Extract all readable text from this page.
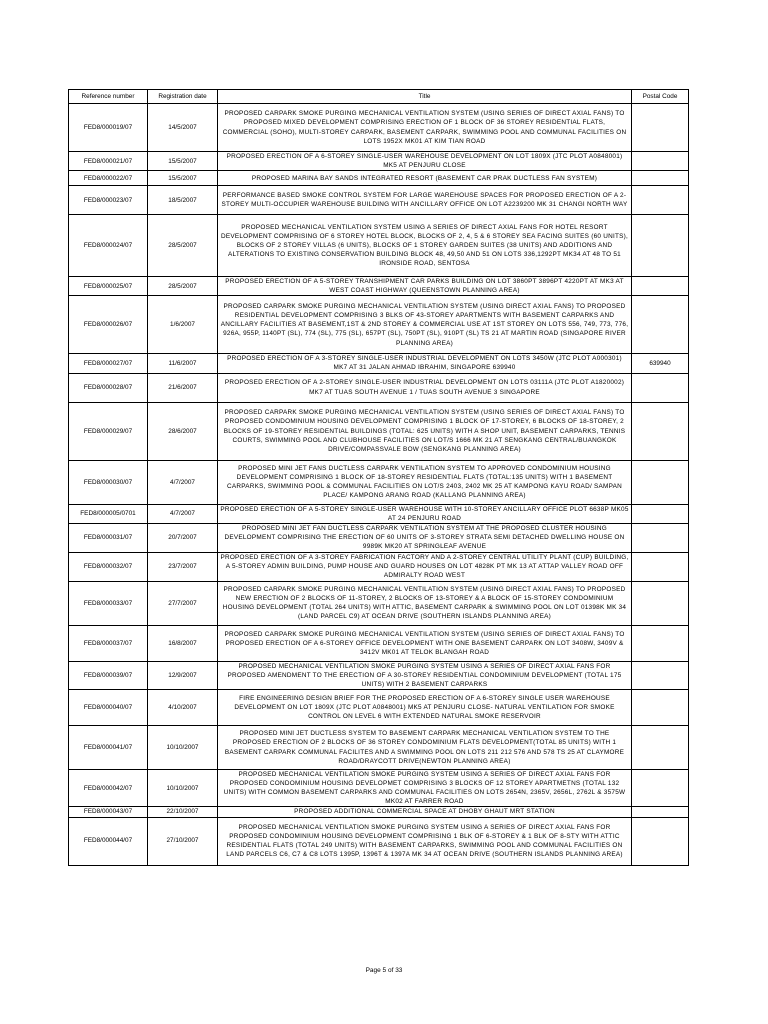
Reference number	Registration date	Title	Postal Code
FED8/000019/07	14/5/2007	PROPOSED CARPARK SMOKE PURGING MECHANICAL VENTILATION SYSTEM (USING SERIES OF DIRECT AXIAL FANS) TO PROPOSED MIXED DEVELOPMENT COMPRISING ERECTION OF 1 BLOCK OF 36 STOREY RESIDENTIAL FLATS, COMMERCIAL (SOHO), MULTI-STOREY CARPARK, BASEMENT CARPARK, SWIMMING POOL AND COMMUNAL FACILITIES ON LOTS 1952X MK01 AT KIM TIAN ROAD	
FED8/000021/07	15/5/2007	PROPOSED ERECTION OF A 6-STOREY SINGLE-USER WAREHOUSE DEVELOPMENT ON LOT 1809X (JTC PLOT A0848001) MK5 AT PENJURU CLOSE	
FED8/000022/07	15/5/2007	PROPOSED MARINA BAY SANDS INTEGRATED RESORT (BASEMENT CAR PRAK DUCTLESS FAN SYSTEM)	
FED8/000023/07	18/5/2007	PERFORMANCE BASED SMOKE CONTROL SYSTEM FOR LARGE WAREHOUSE SPACES FOR PROPOSED ERECTION OF A 2-STOREY MULTI-OCCUPIER WAREHOUSE BUILDING WITH ANCILLARY OFFICE ON LOT A2239200 MK 31 CHANGI NORTH WAY	
FED8/000024/07	28/5/2007	PROPOSED MECHANICAL VENTILATION SYSTEM USING A SERIES OF DIRECT AXIAL FANS FOR HOTEL RESORT DEVELOPMENT COMPRISING OF 6 STOREY HOTEL BLOCK, BLOCKS OF 2, 4, 5 & 6 STOREY SEA FACING SUITES (60 UNITS), BLOCKS OF 2 STOREY VILLAS (6 UNITS), BLOCKS OF 1 STOREY GARDEN SUITES (38 UNITS) AND ADDITIONS AND ALTERATIONS TO EXISTING CONSERVATION BUILDING BLOCK 48, 49,50 AND 51 ON LOTS 336,1292PT MK34 AT 48 TO 51 IRONSIDE ROAD, SENTOSA	
FED8/000025/07	28/5/2007	PROPOSED ERECTION OF A 5-STOREY TRANSHIPMENT CAR PARKS BUILDING ON LOT 3860PT 3896PT 4220PT AT MK3 AT WEST COAST HIGHWAY (QUEENSTOWN PLANNING AREA)	
FED8/000026/07	1/6/2007	PROPOSED CARPARK SMOKE PURGING MECHANICAL VENTILATION SYSTEM (USING DIRECT AXIAL FANS) TO PROPOSED RESIDENTIAL DEVELOPMENT COMPRISING 3 BLKS OF 43-STOREY APARTMENTS WITH BASEMENT CARPARKS AND ANCILLARY FACILITIES AT BASEMENT,1ST & 2ND STOREY & COMMERCIAL USE AT 1ST STOREY ON LOTS 556, 749, 773, 776, 926A, 955P, 1140PT (SL), 774 (SL), 775 (SL), 657PT (SL), 750PT (SL), 910PT (SL) TS 21 AT MARTIN ROAD (SINGAPORE RIVER PLANNING AREA)	
FED8/000027/07	11/6/2007	PROPOSED ERECTION OF A 3-STOREY SINGLE-USER INDUSTRIAL DEVELOPMENT ON LOTS 3450W (JTC PLOT A000301) MK7 AT 31 JALAN AHMAD IBRAHIM, SINGAPORE 639940	639940
FED8/000028/07	21/6/2007	PROPOSED ERECTION OF A 2-STOREY SINGLE-USER INDUSTRIAL DEVELOPMENT ON LOTS 03111A (JTC PLOT A1820002) MK7 AT TUAS SOUTH AVENUE 1 / TUAS SOUTH AVENUE 3 SINGAPORE	
FED8/000029/07	28/6/2007	PROPOSED CARPARK SMOKE PURGING MECHANICAL VENTILATION SYSTEM (USING SERIES OF DIRECT AXIAL FANS) TO PROPOSED CONDOMINIUM HOUSING DEVELOPMENT COMPRISING 1 BLOCK OF 17-STOREY, 6 BLOCKS OF 18-STOREY, 2 BLOCKS OF 19-STOREY RESIDENTIAL BUILDINGS (TOTAL: 625 UNITS) WITH A SHOP UNIT, BASEMENT CARPARKS, TENNIS COURTS, SWIMMING POOL AND CLUBHOUSE FACILITIES ON LOT/S 1666 MK 21 AT SENGKANG CENTRAL/BUANGKOK DRIVE/COMPASSVALE BOW (SENGKANG PLANNING AREA)	
FED8/000030/07	4/7/2007	PROPOSED MINI JET FANS DUCTLESS CARPARK VENTILATION SYSTEM TO APPROVED CONDOMINIUM HOUSING DEVELOPMENT COMPRISING 1 BLOCK OF 18-STOREY RESIDENTIAL FLATS (TOTAL:135 UNITS) WITH 1 BASEMENT CARPARKS, SWIMMING POOL & COMMUNAL FACILITIES ON LOT/S 2403, 2402 MK 25 AT KAMPONG KAYU ROAD/ SAMPAN PLACE/ KAMPONG ARANG ROAD (KALLANG PLANNING AREA)	
FED8/000005/0701	4/7/2007	PROPOSED ERECTION OF A 5-STOREY SINGLE-USER WAREHOUSE WITH 10-STOREY ANCILLARY OFFICE PLOT 6638P MK05 AT 24 PENJURU ROAD	
FED8/000031/07	20/7/2007	PROPOSED MINI JET FAN DUCTLESS CARPARK VENTILATION SYSTEM AT THE PROPOSED CLUSTER HOUSING DEVELOPMENT COMPRISING THE ERECTION OF 60 UNITS OF 3-STOREY STRATA SEMI DETACHED DWELLING HOUSE ON 9989K MK20 AT SPRINGLEAF AVENUE	
FED8/000032/07	23/7/2007	PROPOSED ERECTION OF A 3-STOREY FABRICATION FACTORY AND A 2-STOREY CENTRAL UTILITY PLANT (CUP) BUILDING, A 5-STOREY ADMIN BUILDING, PUMP HOUSE AND GUARD HOUSES ON LOT 4828K PT MK 13 AT ATTAP VALLEY ROAD OFF ADMIRALTY ROAD WEST	
FED8/000033/07	27/7/2007	PROPOSED CARPARK SMOKE PURGING MECHANICAL VENTILATION SYSTEM (USING DIRECT AXIAL FANS) TO PROPOSED NEW ERECTION OF 2 BLOCKS OF 11-STOREY, 2 BLOCKS OF 13-STOREY & A BLOCK OF 15-STOREY CONDOMINIUM HOUSING DEVELOPMENT (TOTAL 264 UNITS) WITH ATTIC, BASEMENT CARPARK & SWIMMING POOL ON LOT 01398K MK 34 (LAND PARCEL C9) AT OCEAN DRIVE (SOUTHERN ISLANDS PLANNING AREA)	
FED8/000037/07	16/8/2007	PROPOSED CARPARK SMOKE PURGING MECHANICAL VENTILATION SYSTEM (USING SERIES OF DIRECT AXIAL FANS) TO PROPOSED ERECTION OF A 6-STOREY OFFICE DEVELOPMENT WITH ONE BASEMENT CARPARK ON LOT 3408W, 3409V & 3412V MK01 AT TELOK BLANGAH ROAD	
FED8/000039/07	12/9/2007	PROPOSED MECHANICAL VENTILATION SMOKE PURGING SYSTEM USING A SERIES OF DIRECT AXIAL FANS FOR PROPOSED AMENDMENT TO THE ERECTION OF A 30-STOREY RESIDENTIAL CONDOMINIUM DEVELOPMENT (TOTAL 175 UNITS) WITH 2 BASEMENT CARPARKS	
FED8/000040/07	4/10/2007	FIRE ENGINEERING DESIGN BRIEF FOR THE PROPOSED ERECTION OF A 6-STOREY SINGLE USER WAREHOUSE DEVELOPMENT ON LOT 1809X (JTC PLOT A0848001) MK5 AT PENJURU CLOSE- NATURAL VENTILATION FOR SMOKE CONTROL ON LEVEL 6 WITH EXTENDED NATURAL SMOKE RESERVOIR	
FED8/000041/07	10/10/2007	PROPOSED MINI JET DUCTLESS SYSTEM TO BASEMENT CARPARK MECHANICAL VENTILATION SYSTEM TO THE PROPOSED ERECTION OF 2 BLOCKS OF 36 STOREY CONDOMINIUM FLATS DEVELOPMENT(TOTAL 85 UNITS) WITH 1 BASEMENT CARPARK COMMUNAL FACILITES AND A SWIMMING POOL ON LOTS 211 212 576 AND 578 TS 25 AT CLAYMORE ROAD/DRAYCOTT DRIVE(NEWTON PLANNING AREA)	
FED8/000042/07	10/10/2007	PROPOSED MECHANICAL VENTILATION SMOKE PURGING SYSTEM USING A SERIES OF DIRECT AXIAL FANS FOR PROPOSED CONDOMINIUM HOUSING DEVELOPMET COMPRISING 3 BLOCKS OF 12 STOREY APARTMETNS (TOTAL 132 UNITS) WITH COMMON BASEMENT CARPARKS AND COMMUNAL FACILITIES ON LOTS 2654N, 2365V, 2656L, 2762L & 3575W MK02 AT FARRER ROAD	
FED8/000043/07	22/10/2007	PROPOSED ADDITIONAL COMMERCIAL SPACE AT DHOBY GHAUT MRT STATION	
FED8/000044/07	27/10/2007	PROPOSED MECHANICAL VENTILATION SMOKE PURGING SYSTEM USING A SERIES OF DIRECT AXIAL FANS FOR PROPOSED CONDOMINIUM HOUSING DEVELOPMENT COMPRISING 1 BLK OF 6-STOREY & 1 BLK OF 8-STY WITH ATTIC RESIDENTIAL FLATS (TOTAL 249 UNITS) WITH BASEMENT CARPARKS, SWIMMING POOL AND COMMUNAL FACILITIES ON LAND PARCELS C6, C7 & C8 LOTS 1395P, 1396T & 1397A MK 34 AT OCEAN DRIVE (SOUTHERN ISLANDS PLANNING AREA)	
Page 5 of 33
